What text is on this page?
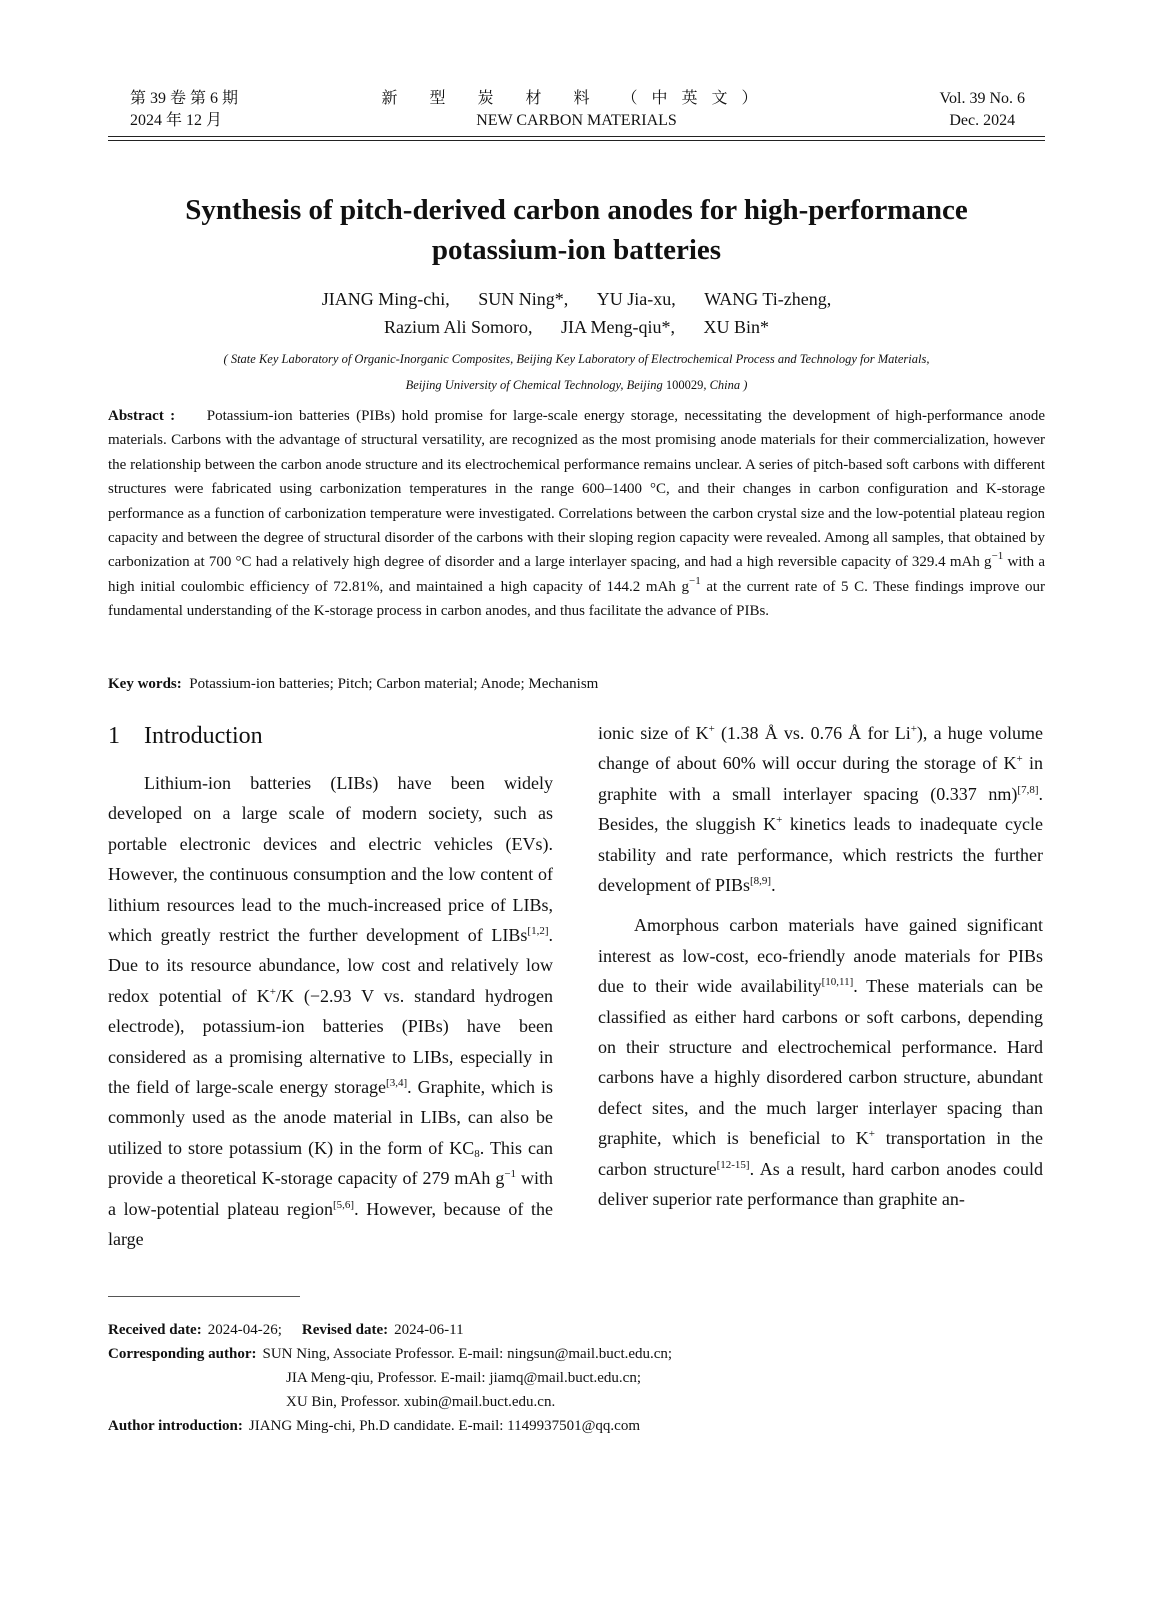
第 39 卷 第 6 期
2024 年 12 月
新 型 炭 材 料 （中英文）
NEW CARBON MATERIALS
Vol. 39 No. 6
Dec. 2024
Synthesis of pitch-derived carbon anodes for high-performance
potassium-ion batteries
JIANG Ming-chi, SUN Ning*, YU Jia-xu, WANG Ti-zheng,
Razium Ali Somoro, JIA Meng-qiu*, XU Bin*
( State Key Laboratory of Organic-Inorganic Composites, Beijing Key Laboratory of Electrochemical Process and Technology for Materials,
Beijing University of Chemical Technology, Beijing 100029, China )
Abstract : Potassium-ion batteries (PIBs) hold promise for large-scale energy storage, necessitating the development of high-performance anode materials. Carbons with the advantage of structural versatility, are recognized as the most promising anode materials for their commercialization, however the relationship between the carbon anode structure and its electrochemical performance remains unclear. A series of pitch-based soft carbons with different structures were fabricated using carbonization temperatures in the range 600–1400 °C, and their changes in carbon configuration and K-storage performance as a function of carbonization temperature were investigated. Correlations between the carbon crystal size and the low-potential plateau region capacity and between the degree of structural disorder of the carbons with their sloping region capacity were revealed. Among all samples, that obtained by carbonization at 700 °C had a relatively high degree of disorder and a large interlayer spacing, and had a high reversible capacity of 329.4 mAh $g^{-1}$ with a high initial coulombic efficiency of 72.81%, and maintained a high capacity of 144.2 mAh $g^{-1}$ at the current rate of 5 C. These findings improve our fundamental understanding of the K-storage process in carbon anodes, and thus facilitate the advance of PIBs.
Key words: Potassium-ion batteries; Pitch; Carbon material; Anode; Mechanism
1 Introduction

Lithium-ion batteries (LIBs) have been widely developed on a large scale of modern society, such as portable electronic devices and electric vehicles (EVs). However, the continuous consumption and the low content of lithium resources lead to the much-increased price of LIBs, which greatly restrict the further development of LIBs[1,2]. Due to its resource abundance, low cost and relatively low redox potential of K+/K (−2.93 V vs. standard hydrogen electrode), potassium-ion batteries (PIBs) have been considered as a promising alternative to LIBs, especially in the field of large-scale energy storage[3,4]. Graphite, which is commonly used as the anode material in LIBs, can also be utilized to store potassium (K) in the form of $KC_8$. This can provide a theoretical K-storage capacity of 279 mAh $g^{-1}$ with a low-potential plateau region[5,6]. However, because of the large

ionic size of K+ (1.38 Å vs. 0.76 Å for Li+), a huge volume change of about 60% will occur during the storage of K+ in graphite with a small interlayer spacing (0.337 nm)[7,8]. Besides, the sluggish K+ kinetics leads to inadequate cycle stability and rate performance, which restricts the further development of PIBs[8,9].

Amorphous carbon materials have gained significant interest as low-cost, eco-friendly anode materials for PIBs due to their wide availability[10,11]. These materials can be classified as either hard carbons or soft carbons, depending on their structure and electrochemical performance. Hard carbons have a highly disordered carbon structure, abundant defect sites, and the much larger interlayer spacing than graphite, which is beneficial to K+ transportation in the carbon structure[12-15]. As a result, hard carbon anodes could deliver superior rate performance than graphite an-

Received date: 2024-04-26; Revised date: 2024-06-11
Corresponding author: SUN Ning, Associate Professor. E-mail: ningsun@mail.buct.edu.cn;
JIA Meng-qiu, Professor. E-mail: jiamq@mail.buct.edu.cn;
XU Bin, Professor. xubin@mail.buct.edu.cn.
Author introduction: JIANG Ming-chi, Ph.D candidate. E-mail: 1149937501@qq.com
